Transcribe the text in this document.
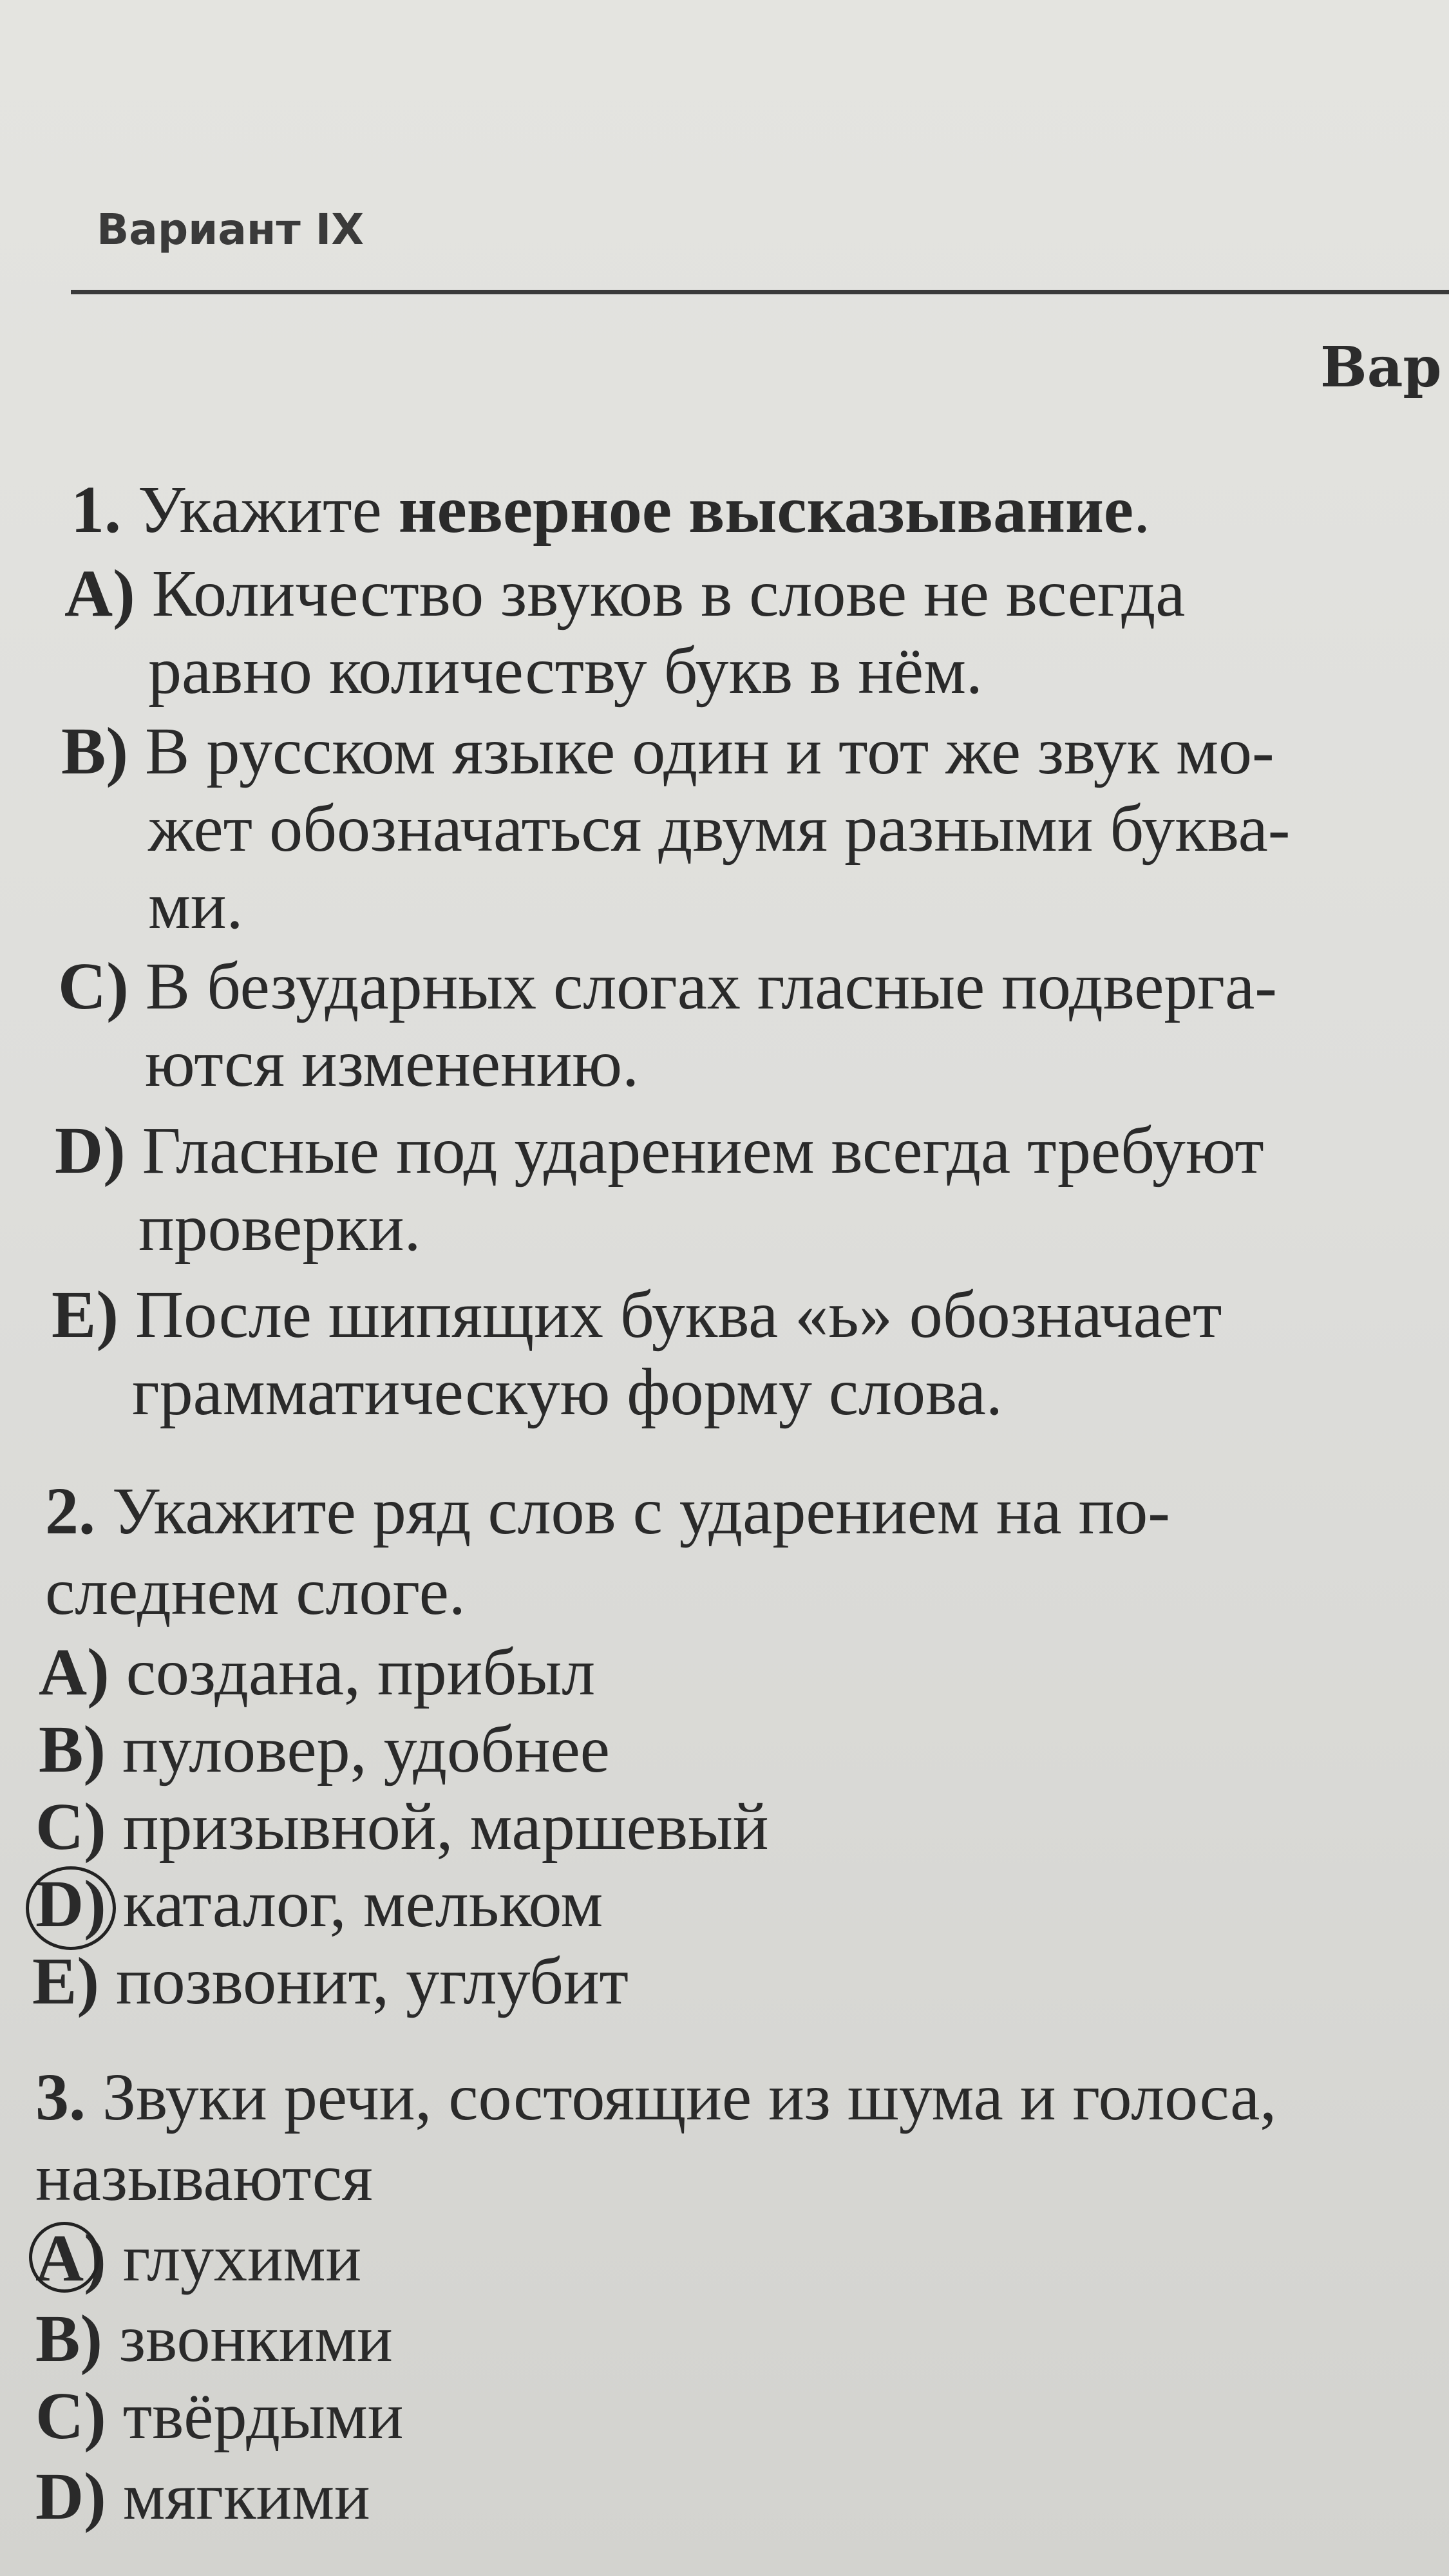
Вариант IX
Вар
1. Укажите неверное высказывание.
A) Количество звуков в слове не всегда
равно количеству букв в нём.
B) В русском языке один и тот же звук мо-
жет обозначаться двумя разными буква-
ми.
C) В безударных слогах гласные подверга-
ются изменению.
D) Гласные под ударением всегда требуют
проверки.
E) После шипящих буква «ь» обозначает
грамматическую форму слова.
2. Укажите ряд слов с ударением на по-
следнем слоге.
A) создана, прибыл
B) пуловер, удобнее
C) призывной, маршевый
D) каталог, мельком
E) позвонит, углубит
3. Звуки речи, состоящие из шума и голоса,
называются
A) глухими
B) звонкими
C) твёрдыми
D) мягкими
